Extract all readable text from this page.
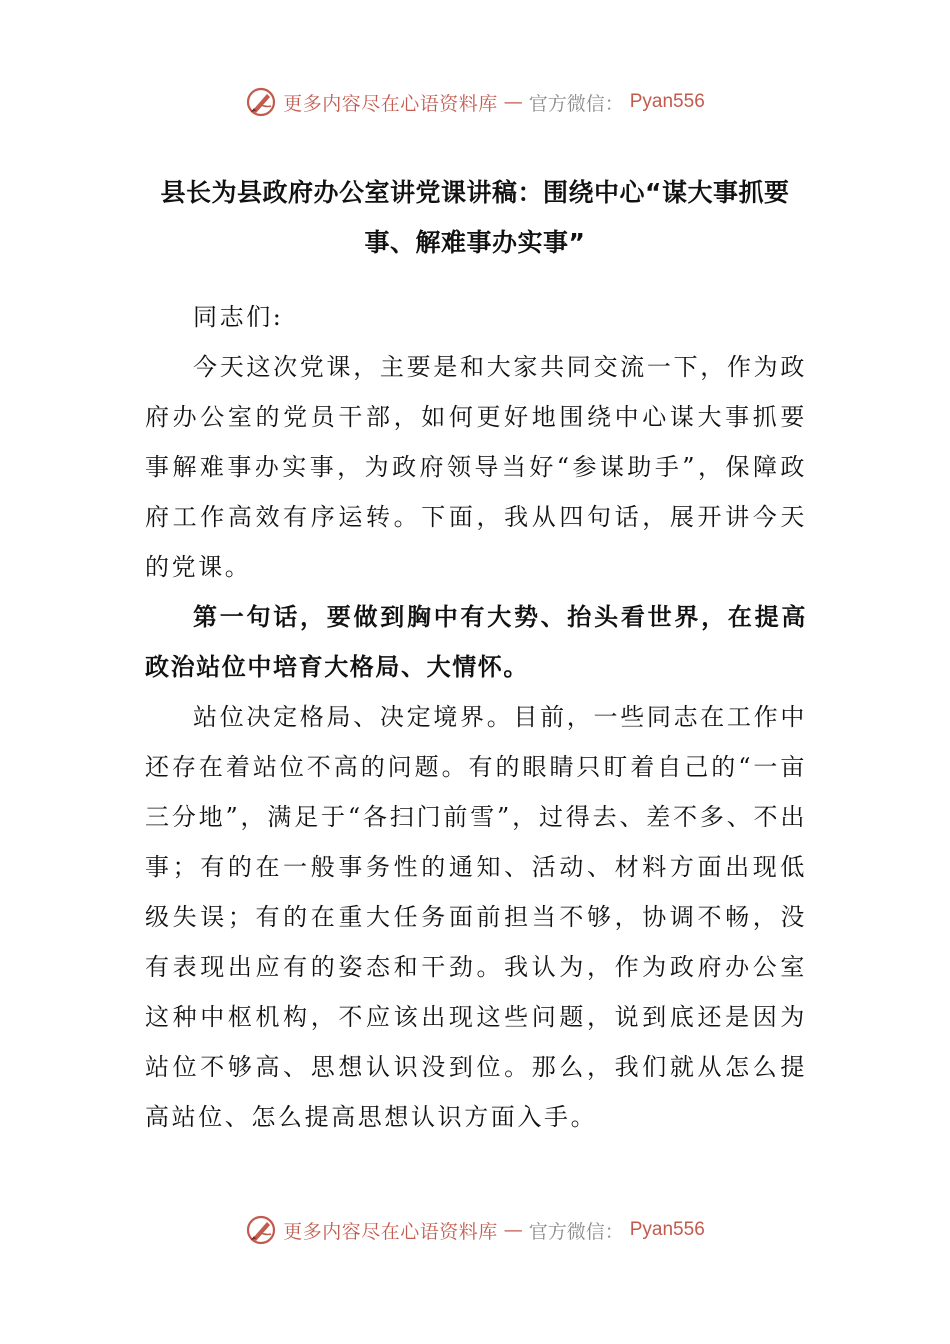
更多内容尽在心语资料库 — 官方微信： Pyan556
县长为县政府办公室讲党课讲稿：围绕中心“谋大事抓要事、解难事办实事”

同志们:

今天这次党课，主要是和大家共同交流一下，作为政府办公室的党员干部，如何更好地围绕中心谋大事抓要事解难事办实事，为政府领导当好“参谋助手”，保障政府工作高效有序运转。下面，我从四句话，展开讲今天的党课。

第一句话，要做到胸中有大势、抬头看世界，在提高政治站位中培育大格局、大情怀。

站位决定格局、决定境界。目前，一些同志在工作中还存在着站位不高的问题。有的眼睛只盯着自己的“一亩三分地”，满足于“各扫门前雪”，过得去、差不多、不出事；有的在一般事务性的通知、活动、材料方面出现低级失误；有的在重大任务面前担当不够，协调不畅，没有表现出应有的姿态和干劲。我认为，作为政府办公室这种中枢机构，不应该出现这些问题，说到底还是因为站位不够高、思想认识没到位。那么，我们就从怎么提高站位、怎么提高思想认识方面入手。

更多内容尽在心语资料库 — 官方微信： Pyan556
